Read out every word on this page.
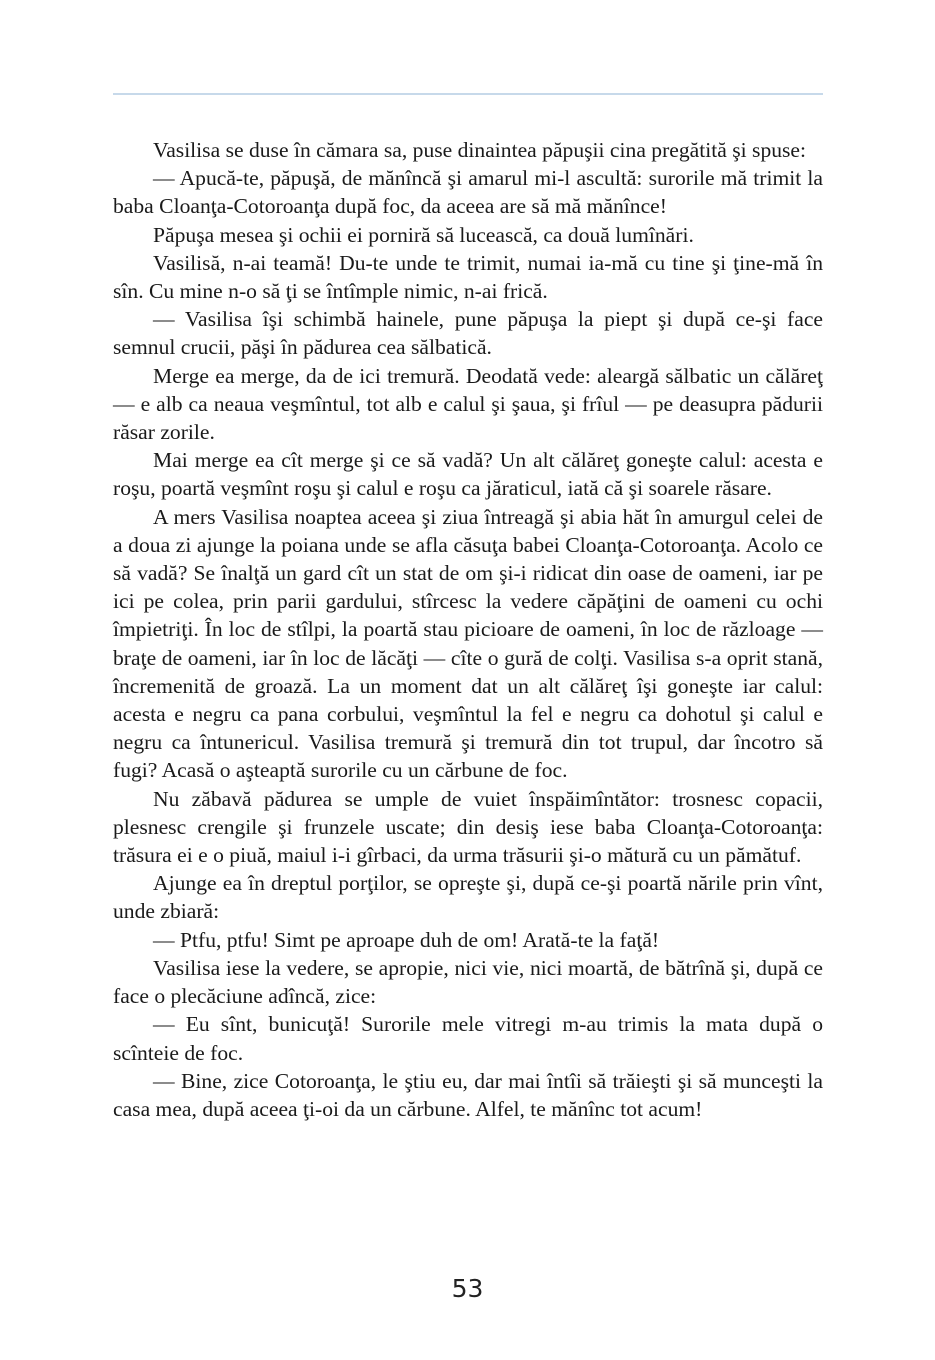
Vasilisa se duse în cămara sa, puse dinaintea păpuşii cina pregătită şi spuse:

— Apucă-te, păpuşă, de mănîncă şi amarul mi-l ascultă: surorile mă trimit la baba Cloanţa-Cotoroanţa după foc, da aceea are să mă mănînce!

Păpuşa mesea şi ochii ei porniră să lucească, ca două lumînări.

Vasilisă, n-ai teamă! Du-te unde te trimit, numai ia-mă cu tine şi ţine-mă în sîn. Cu mine n-o să ţi se întîmple nimic, n-ai frică.

— Vasilisa îşi schimbă hainele, pune păpuşa la piept şi după ce-şi face semnul crucii, păşi în pădurea cea sălbatică.

Merge ea merge, da de ici tremură. Deodată vede: aleargă sălbatic un călăreţ — e alb ca neaua veşmîntul, tot alb e calul şi şaua, şi frîul — pe deasupra pădurii răsar zorile.

Mai merge ea cît merge şi ce să vadă? Un alt călăreţ goneşte calul: acesta e roşu, poartă veşmînt roşu şi calul e roşu ca jăraticul, iată că şi soarele răsare.

A mers Vasilisa noaptea aceea şi ziua întreagă şi abia hăt în amurgul celei de a doua zi ajunge la poiana unde se afla căsuţa babei Cloanţa-Cotoroanţa. Acolo ce să vadă? Se înalţă un gard cît un stat de om şi-i ridicat din oase de oameni, iar pe ici pe colea, prin parii gardului, stîrcesc la vedere căpăţini de oameni cu ochi împietriţi. În loc de stîlpi, la poartă stau picioare de oameni, în loc de răzloage — braţe de oameni, iar în loc de lăcăţi — cîte o gură de colţi. Vasilisa s-a oprit stană, încremenită de groază. La un moment dat un alt călăreţ îşi goneşte iar calul: acesta e negru ca pana corbului, veşmîntul la fel e negru ca dohotul şi calul e negru ca întunericul. Vasilisa tremură şi tremură din tot trupul, dar încotro să fugi? Acasă o aşteaptă surorile cu un cărbune de foc.

Nu zăbavă pădurea se umple de vuiet înspăimîntător: trosnesc copacii, plesnesc crengile şi frunzele uscate; din desiş iese baba Cloanţa-Cotoroanţa: trăsura ei e o piuă, maiul i-i gîrbaci, da urma trăsurii şi-o mătură cu un pămătuf.

Ajunge ea în dreptul porţilor, se opreşte şi, după ce-şi poartă nările prin vînt, unde zbiară:

— Ptfu, ptfu! Simt pe aproape duh de om! Arată-te la faţă!

Vasilisa iese la vedere, se apropie, nici vie, nici moartă, de bătrînă şi, după ce face o plecăciune adîncă, zice:

— Eu sînt, bunicuţă! Surorile mele vitregi m-au trimis la mata după o scînteie de foc.

— Bine, zice Cotoroanţa, le ştiu eu, dar mai întîi să trăieşti şi să munceşti la casa mea, după aceea ţi-oi da un cărbune. Alfel, te mănînc tot acum!

53
